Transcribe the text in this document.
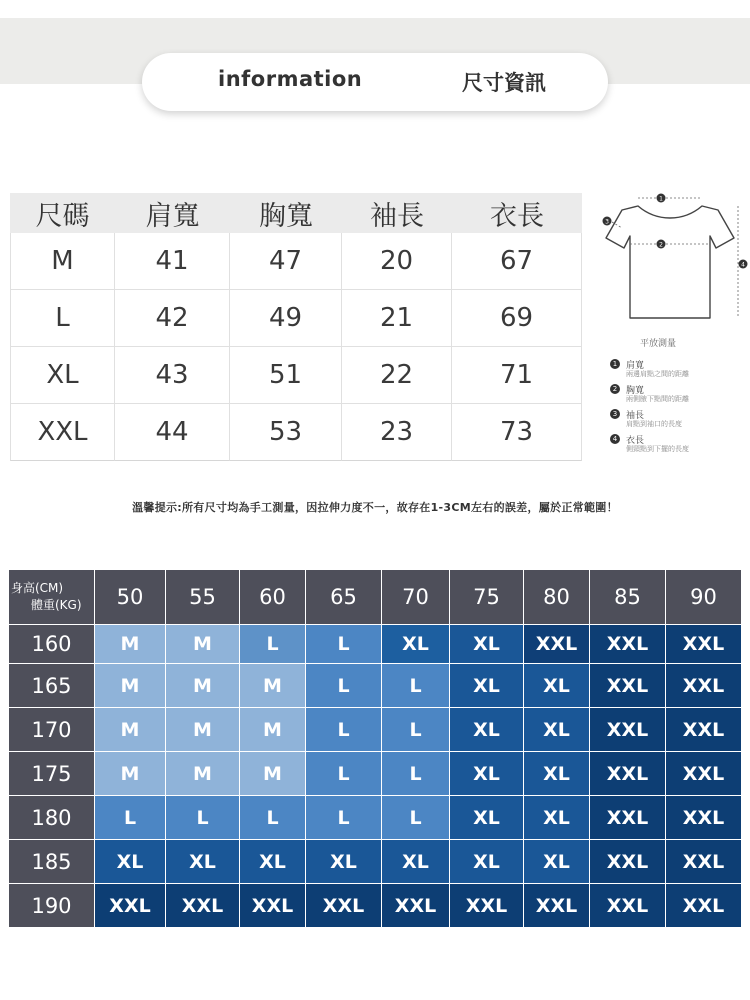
information	尺寸資訊
尺碼	肩寬	胸寬	袖長	衣長
M	41	47	20	67
L	42	49	21	69
XL	43	51	22	71
XXL	44	53	23	73
1
2
3
4
平放測量
1 肩寬
兩邊肩點之間的距離
2 胸寬
兩側腋下點間的距離
3 袖長
肩點到袖口的長度
4 衣長
側頸點到下擺的長度
溫馨提示:所有尺寸均為手工測量，因拉伸力度不一，故存在1-3CM左右的誤差，屬於正常範圍！
身高(CM)
體重(KG)	50	55	60	65	70	75	80	85	90
160	M	M	L	L	XL	XL	XXL	XXL	XXL
165	M	M	M	L	L	XL	XL	XXL	XXL
170	M	M	M	L	L	XL	XL	XXL	XXL
175	M	M	M	L	L	XL	XL	XXL	XXL
180	L	L	L	L	L	XL	XL	XXL	XXL
185	XL	XL	XL	XL	XL	XL	XL	XXL	XXL
190	XXL	XXL	XXL	XXL	XXL	XXL	XXL	XXL	XXL
